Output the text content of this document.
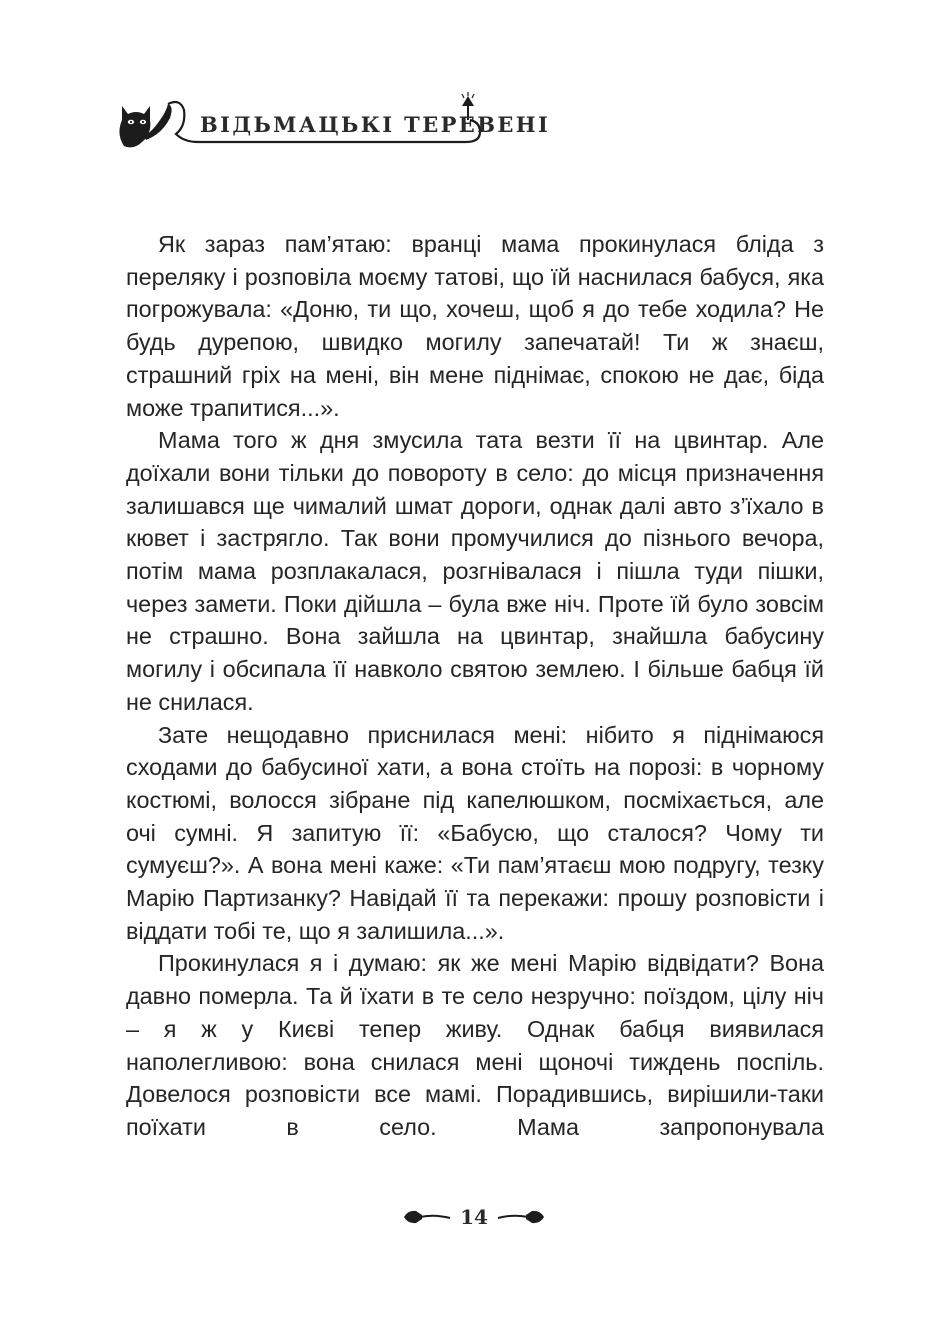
ВІДЬМАЦЬКІ ТЕРЕВЕНІ

Як зараз пам’ятаю: вранці мама прокинулася бліда з переляку і розповіла моєму татові, що їй наснилася бабуся, яка погрожувала: «Доню, ти що, хочеш, щоб я до тебе ходила? Не будь дурепою, швидко могилу запечатай! Ти ж знаєш, страшний гріх на мені, він мене піднімає, спокою не дає, біда може трапитися...».

Мама того ж дня змусила тата везти її на цвинтар. Але доїхали вони тільки до повороту в село: до місця призначення залишався ще чималий шмат дороги, однак далі авто з’їхало в кювет і застрягло. Так вони промучилися до пізнього вечора, потім мама розплакалася, розгнівалася і пішла туди пішки, через замети. Поки дійшла – була вже ніч. Проте їй було зовсім не страшно. Вона зайшла на цвинтар, знайшла бабусину могилу і обсипала її навколо святою землею. І більше бабця їй не снилася.

Зате нещодавно приснилася мені: нібито я піднімаюся сходами до бабусиної хати, а вона стоїть на порозі: в чорному костюмі, волосся зібране під капелюшком, посміхається, але очі сумні. Я запитую її: «Бабусю, що сталося? Чому ти сумуєш?». А вона мені каже: «Ти пам’ятаєш мою подругу, тезку Марію Партизанку? Навідай її та перекажи: прошу розповісти і віддати тобі те, що я залишила...».

Прокинулася я і думаю: як же мені Марію відвідати? Вона давно померла. Та й їхати в те село незручно: поїздом, цілу ніч – я ж у Києві тепер живу. Однак бабця виявилася наполегливою: вона снилася мені щоночі тиждень поспіль. Довелося розповісти все мамі. Порадившись, вирішили-таки поїхати в село. Мама запропонувала

14
